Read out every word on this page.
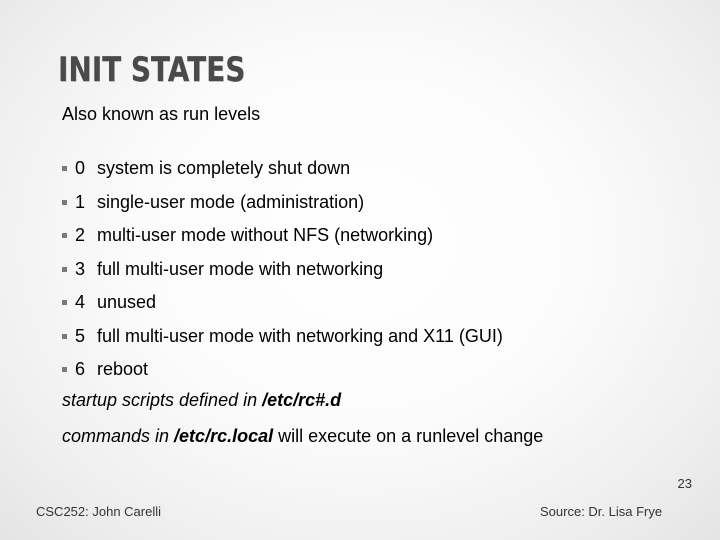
INIT STATES
Also known as run levels
0 system is completely shut down
1 single-user mode (administration)
2 multi-user mode without NFS (networking)
3 full multi-user mode with networking
4 unused
5 full multi-user mode with networking and X11 (GUI)
6 reboot
startup scripts defined in /etc/rc#.d
commands in /etc/rc.local will execute on a runlevel change
23
CSC252: John Carelli	Source: Dr. Lisa Frye
